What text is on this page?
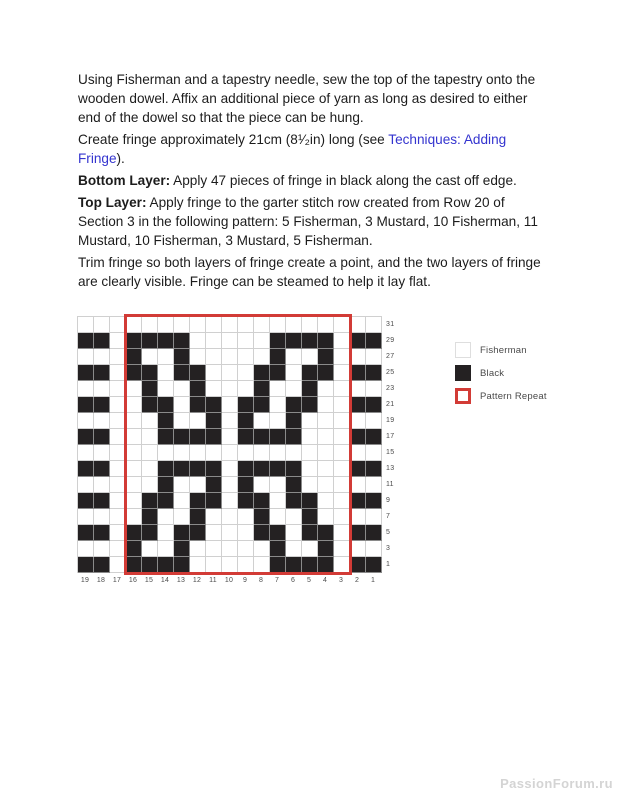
Using Fisherman and a tapestry needle, sew the top of the tapestry onto the wooden dowel. Affix an additional piece of yarn as long as desired to either end of the dowel so that the piece can be hung.

Create fringe approximately 21cm (8¹⁄₂in) long (see Techniques: Adding Fringe).

Bottom Layer: Apply 47 pieces of fringe in black along the cast off edge.

Top Layer: Apply fringe to the garter stitch row created from Row 20 of Section 3 in the following pattern: 5 Fisherman, 3 Mustard, 10 Fisherman, 11 Mustard, 10 Fisherman, 3 Mustard, 5 Fisherman.

Trim fringe so both layers of fringe create a point, and the two layers of fringe are clearly visible. Fringe can be steamed to help it lay flat.

31
29
27
25
23
21
19
17
15
13
11
9
7
5
3
1
19	18	17	16	15	14	13	12	11	10	9	8	7	6	5	4	3	2	1
Fisherman
Black
Pattern Repeat
PassionForum.ru
